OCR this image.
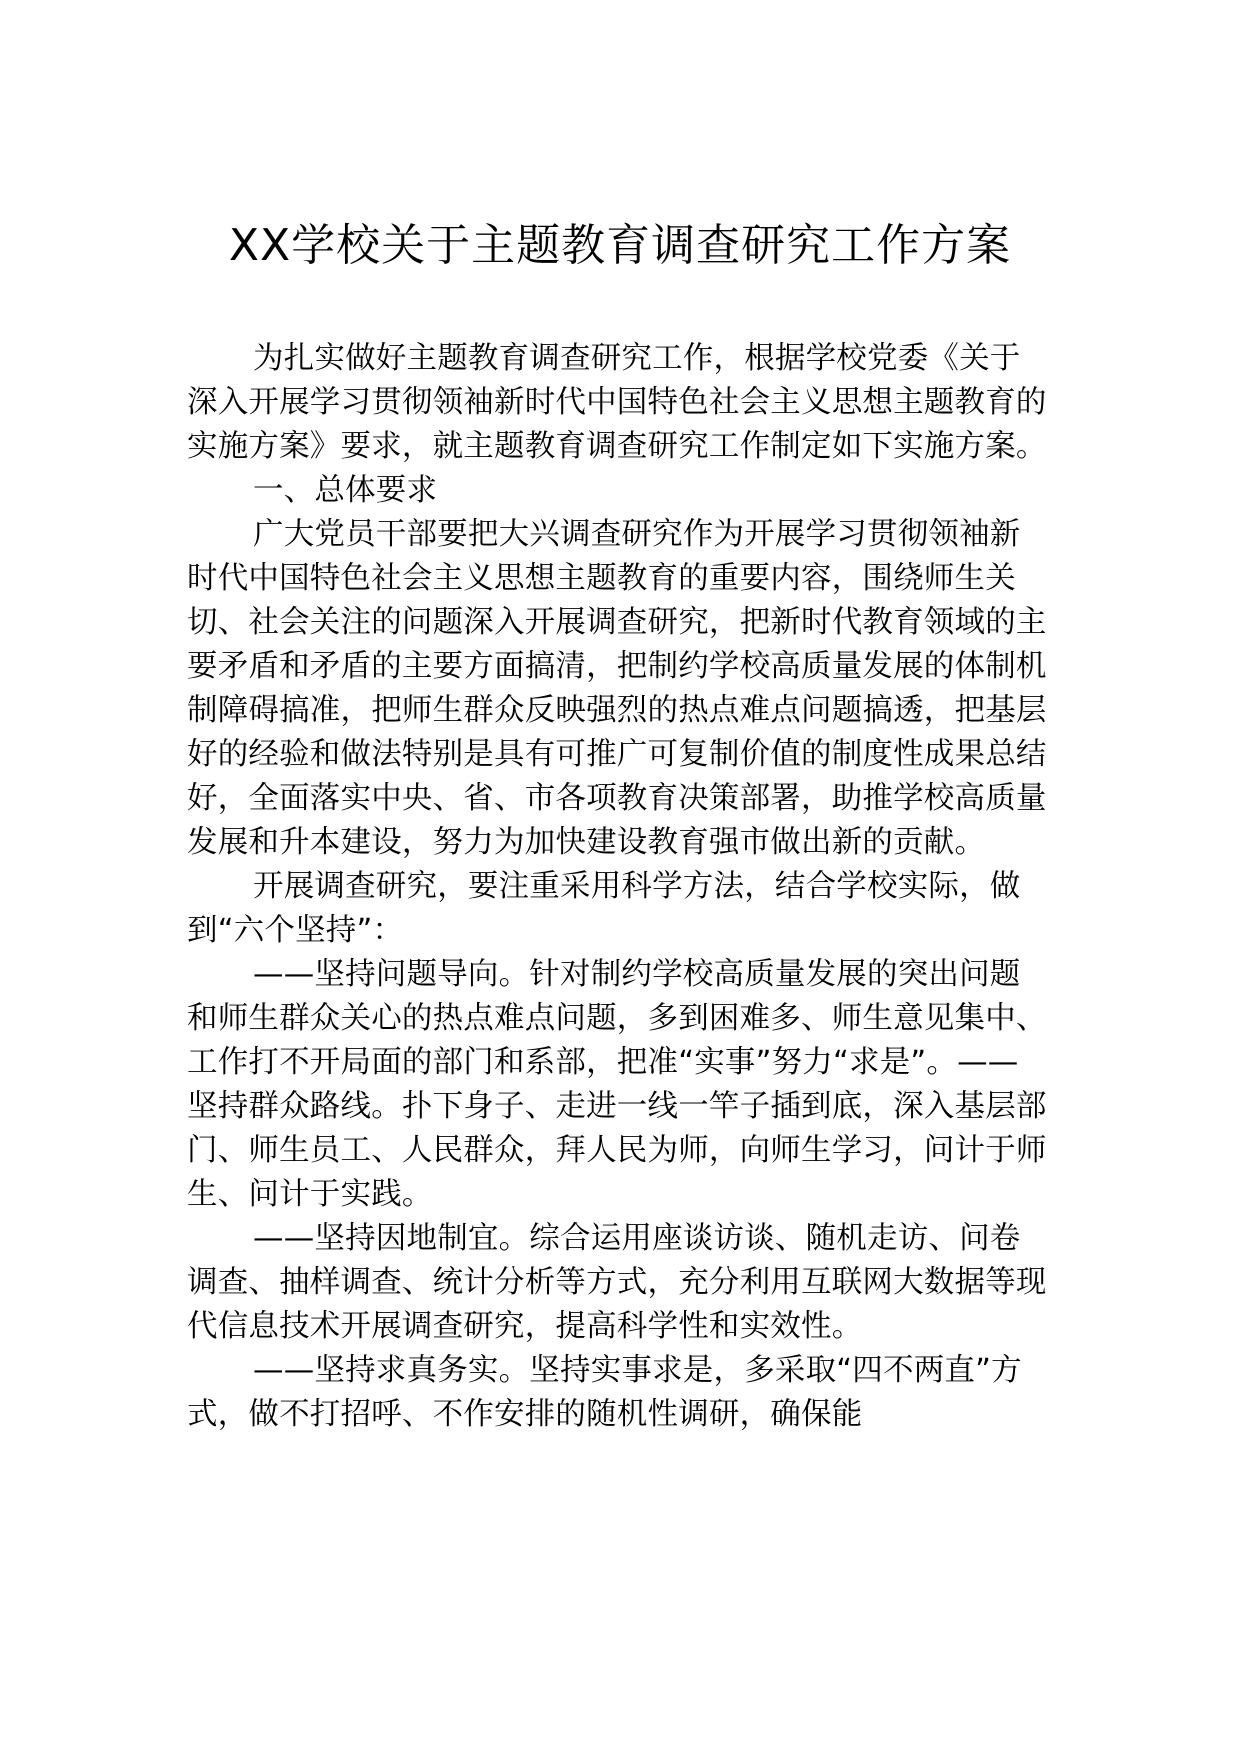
XX学校关于主题教育调查研究工作方案

为扎实做好主题教育调查研究工作，根据学校党委《关于深入开展学习贯彻领袖新时代中国特色社会主义思想主题教育的实施方案》要求，就主题教育调查研究工作制定如下实施方案。

一、总体要求

广大党员干部要把大兴调查研究作为开展学习贯彻领袖新时代中国特色社会主义思想主题教育的重要内容，围绕师生关切、社会关注的问题深入开展调查研究，把新时代教育领域的主要矛盾和矛盾的主要方面搞清，把制约学校高质量发展的体制机制障碍搞准，把师生群众反映强烈的热点难点问题搞透，把基层好的经验和做法特别是具有可推广可复制价值的制度性成果总结好，全面落实中央、省、市各项教育决策部署，助推学校高质量发展和升本建设，努力为加快建设教育强市做出新的贡献。

开展调查研究，要注重采用科学方法，结合学校实际，做到“六个坚持”：

——坚持问题导向。针对制约学校高质量发展的突出问题和师生群众关心的热点难点问题，多到困难多、师生意见集中、工作打不开局面的部门和系部，把准“实事”努力“求是”。——坚持群众路线。扑下身子、走进一线一竿子插到底，深入基层部门、师生员工、人民群众，拜人民为师，向师生学习，问计于师生、问计于实践。

——坚持因地制宜。综合运用座谈访谈、随机走访、问卷调查、抽样调查、统计分析等方式，充分利用互联网大数据等现代信息技术开展调查研究，提高科学性和实效性。

——坚持求真务实。坚持实事求是，多采取“四不两直”方式，做不打招呼、不作安排的随机性调研，确保能
